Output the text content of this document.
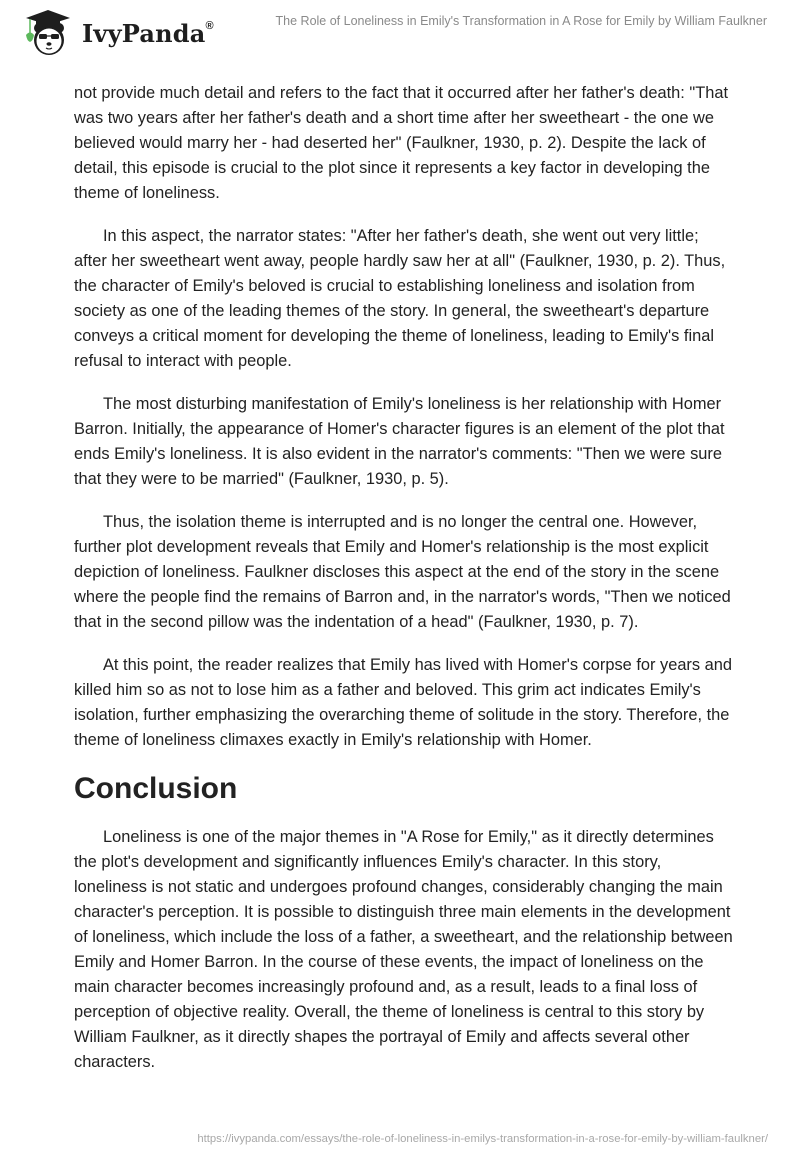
IvyPanda®	The Role of Loneliness in Emily's Transformation in A Rose for Emily by William Faulkner

not provide much detail and refers to the fact that it occurred after her father's death: "That was two years after her father's death and a short time after her sweetheart - the one we believed would marry her - had deserted her" (Faulkner, 1930, p. 2). Despite the lack of detail, this episode is crucial to the plot since it represents a key factor in developing the theme of loneliness.

In this aspect, the narrator states: "After her father's death, she went out very little; after her sweetheart went away, people hardly saw her at all" (Faulkner, 1930, p. 2). Thus, the character of Emily's beloved is crucial to establishing loneliness and isolation from society as one of the leading themes of the story. In general, the sweetheart's departure conveys a critical moment for developing the theme of loneliness, leading to Emily's final refusal to interact with people.

The most disturbing manifestation of Emily's loneliness is her relationship with Homer Barron. Initially, the appearance of Homer's character figures is an element of the plot that ends Emily's loneliness. It is also evident in the narrator's comments: "Then we were sure that they were to be married" (Faulkner, 1930, p. 5).

Thus, the isolation theme is interrupted and is no longer the central one. However, further plot development reveals that Emily and Homer's relationship is the most explicit depiction of loneliness. Faulkner discloses this aspect at the end of the story in the scene where the people find the remains of Barron and, in the narrator's words, "Then we noticed that in the second pillow was the indentation of a head" (Faulkner, 1930, p. 7).

At this point, the reader realizes that Emily has lived with Homer's corpse for years and killed him so as not to lose him as a father and beloved. This grim act indicates Emily's isolation, further emphasizing the overarching theme of solitude in the story. Therefore, the theme of loneliness climaxes exactly in Emily's relationship with Homer.

Conclusion

Loneliness is one of the major themes in "A Rose for Emily," as it directly determines the plot's development and significantly influences Emily's character. In this story, loneliness is not static and undergoes profound changes, considerably changing the main character's perception. It is possible to distinguish three main elements in the development of loneliness, which include the loss of a father, a sweetheart, and the relationship between Emily and Homer Barron. In the course of these events, the impact of loneliness on the main character becomes increasingly profound and, as a result, leads to a final loss of perception of objective reality. Overall, the theme of loneliness is central to this story by William Faulkner, as it directly shapes the portrayal of Emily and affects several other characters.

https://ivypanda.com/essays/the-role-of-loneliness-in-emilys-transformation-in-a-rose-for-emily-by-william-faulkner/
